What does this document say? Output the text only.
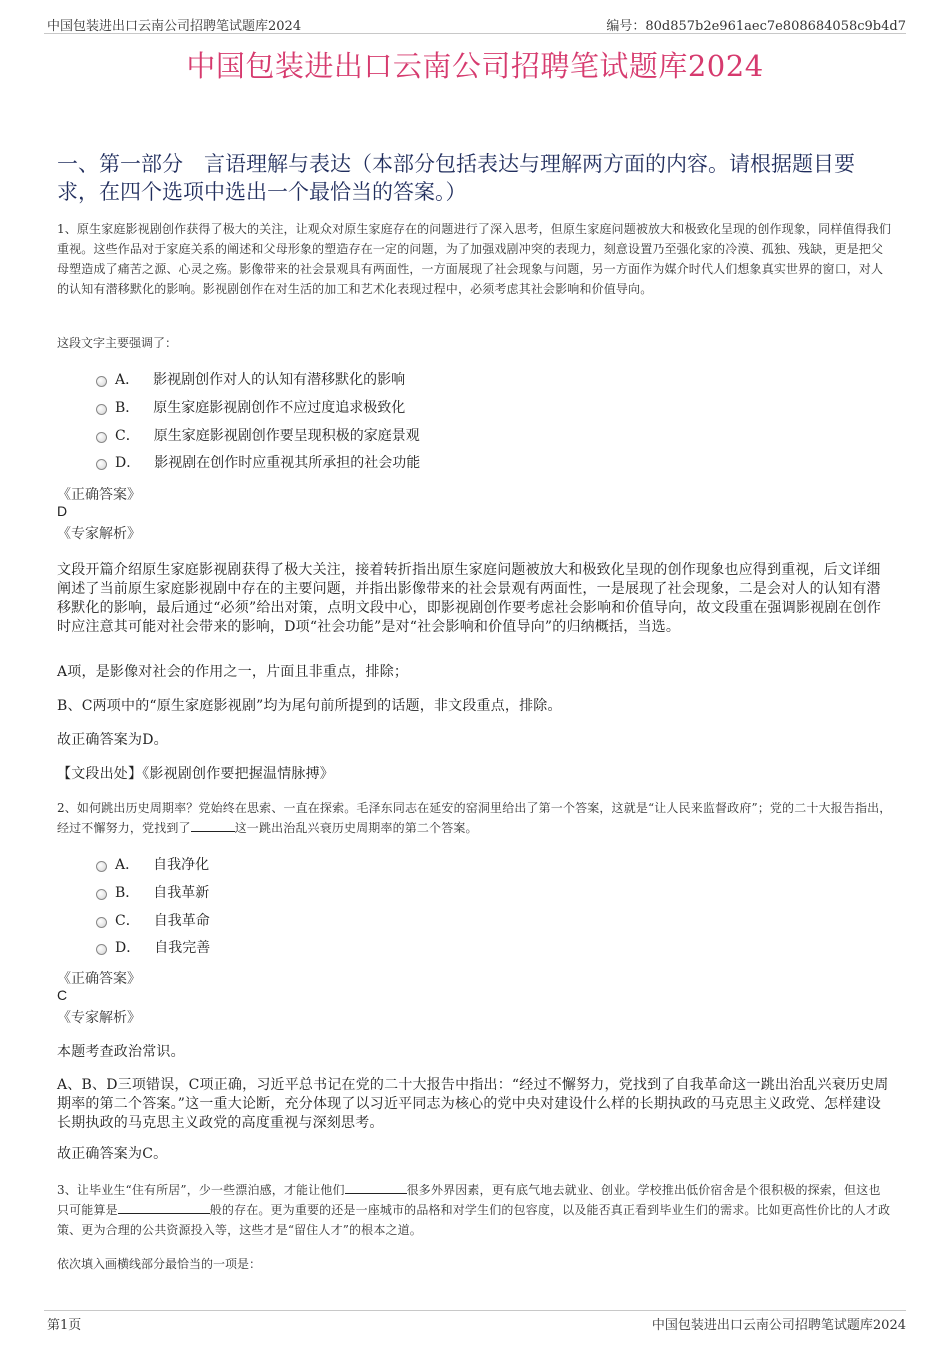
中国包装进出口云南公司招聘笔试题库2024	编号：80d857b2e961aec7e808684058c9b4d7
中国包装进出口云南公司招聘笔试题库2024
一、第一部分　言语理解与表达（本部分包括表达与理解两方面的内容。请根据题目要求，在四个选项中选出一个最恰当的答案。）
1、原生家庭影视剧创作获得了极大的关注，让观众对原生家庭存在的问题进行了深入思考，但原生家庭问题被放大和极致化呈现的创作现象，同样值得我们重视。这些作品对于家庭关系的阐述和父母形象的塑造存在一定的问题，为了加强戏剧冲突的表现力，刻意设置乃至强化家的冷漠、孤独、残缺，更是把父母塑造成了痛苦之源、心灵之殇。影像带来的社会景观具有两面性，一方面展现了社会现象与问题，另一方面作为媒介时代人们想象真实世界的窗口，对人的认知有潜移默化的影响。影视剧创作在对生活的加工和艺术化表现过程中，必须考虑其社会影响和价值导向。
这段文字主要强调了：
A． 影视剧创作对人的认知有潜移默化的影响
B． 原生家庭影视剧创作不应过度追求极致化
C． 原生家庭影视剧创作要呈现积极的家庭景观
D． 影视剧在创作时应重视其所承担的社会功能
《正确答案》
D
《专家解析》
文段开篇介绍原生家庭影视剧获得了极大关注，接着转折指出原生家庭问题被放大和极致化呈现的创作现象也应得到重视，后文详细阐述了当前原生家庭影视剧中存在的主要问题，并指出影像带来的社会景观有两面性，一是展现了社会现象，二是会对人的认知有潜移默化的影响，最后通过“必须”给出对策，点明文段中心，即影视剧创作要考虑社会影响和价值导向，故文段重在强调影视剧在创作时应注意其可能对社会带来的影响，D项“社会功能”是对“社会影响和价值导向”的归纳概括，当选。
A项，是影像对社会的作用之一，片面且非重点，排除；
B、C两项中的“原生家庭影视剧”均为尾句前所提到的话题，非文段重点，排除。
故正确答案为D。
【文段出处】《影视剧创作要把握温情脉搏》
2、如何跳出历史周期率？党始终在思索、一直在探索。毛泽东同志在延安的窑洞里给出了第一个答案，这就是“让人民来监督政府”；党的二十大报告指出，经过不懈努力，党找到了	这一跳出治乱兴衰历史周期率的第二个答案。
A． 自我净化
B． 自我革新
C． 自我革命
D． 自我完善
《正确答案》
C
《专家解析》
本题考查政治常识。
A、B、D三项错误，C项正确，习近平总书记在党的二十大报告中指出：“经过不懈努力，党找到了自我革命这一跳出治乱兴衰历史周期率的第二个答案。”这一重大论断，充分体现了以习近平同志为核心的党中央对建设什么样的长期执政的马克思主义政党、怎样建设长期执政的马克思主义政党的高度重视与深刻思考。
故正确答案为C。
3、让毕业生“住有所居”，少一些漂泊感，才能让他们	很多外界因素，更有底气地去就业、创业。学校推出低价宿舍是个很积极的探索，但这也只可能算是	般的存在。更为重要的还是一座城市的品格和对学生们的包容度，以及能否真正看到毕业生们的需求。比如更高性价比的人才政策、更为合理的公共资源投入等，这些才是“留住人才”的根本之道。
依次填入画横线部分最恰当的一项是：
第1页	中国包装进出口云南公司招聘笔试题库2024
